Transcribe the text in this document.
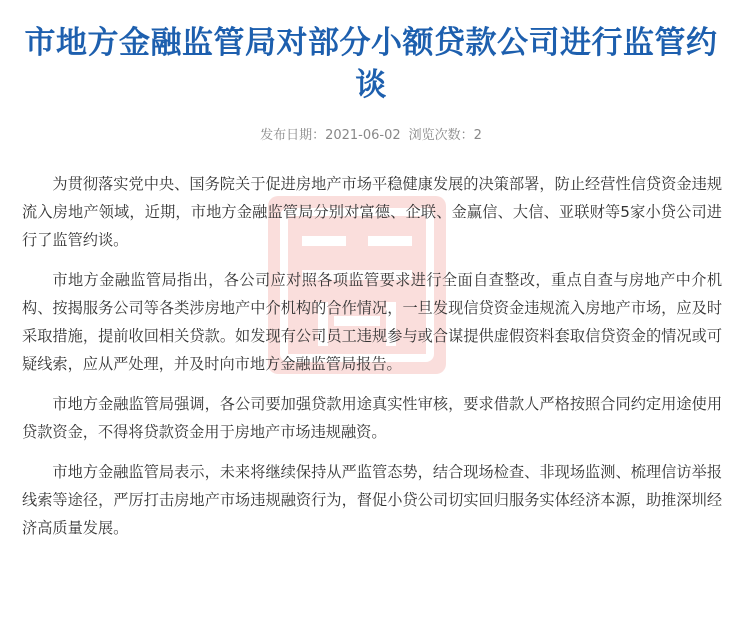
市地方金融监管局对部分小额贷款公司进行监管约谈
发布日期：2021-06-02 浏览次数：2

为贯彻落实党中央、国务院关于促进房地产市场平稳健康发展的决策部署，防止经营性信贷资金违规流入房地产领域，近期，市地方金融监管局分别对富德、企联、金赢信、大信、亚联财等5家小贷公司进行了监管约谈。

市地方金融监管局指出，各公司应对照各项监管要求进行全面自查整改，重点自查与房地产中介机构、按揭服务公司等各类涉房地产中介机构的合作情况，一旦发现信贷资金违规流入房地产市场，应及时采取措施，提前收回相关贷款。如发现有公司员工违规参与或合谋提供虚假资料套取信贷资金的情况或可疑线索，应从严处理，并及时向市地方金融监管局报告。

市地方金融监管局强调，各公司要加强贷款用途真实性审核，要求借款人严格按照合同约定用途使用贷款资金，不得将贷款资金用于房地产市场违规融资。

市地方金融监管局表示，未来将继续保持从严监管态势，结合现场检查、非现场监测、梳理信访举报线索等途径，严厉打击房地产市场违规融资行为，督促小贷公司切实回归服务实体经济本源，助推深圳经济高质量发展。
